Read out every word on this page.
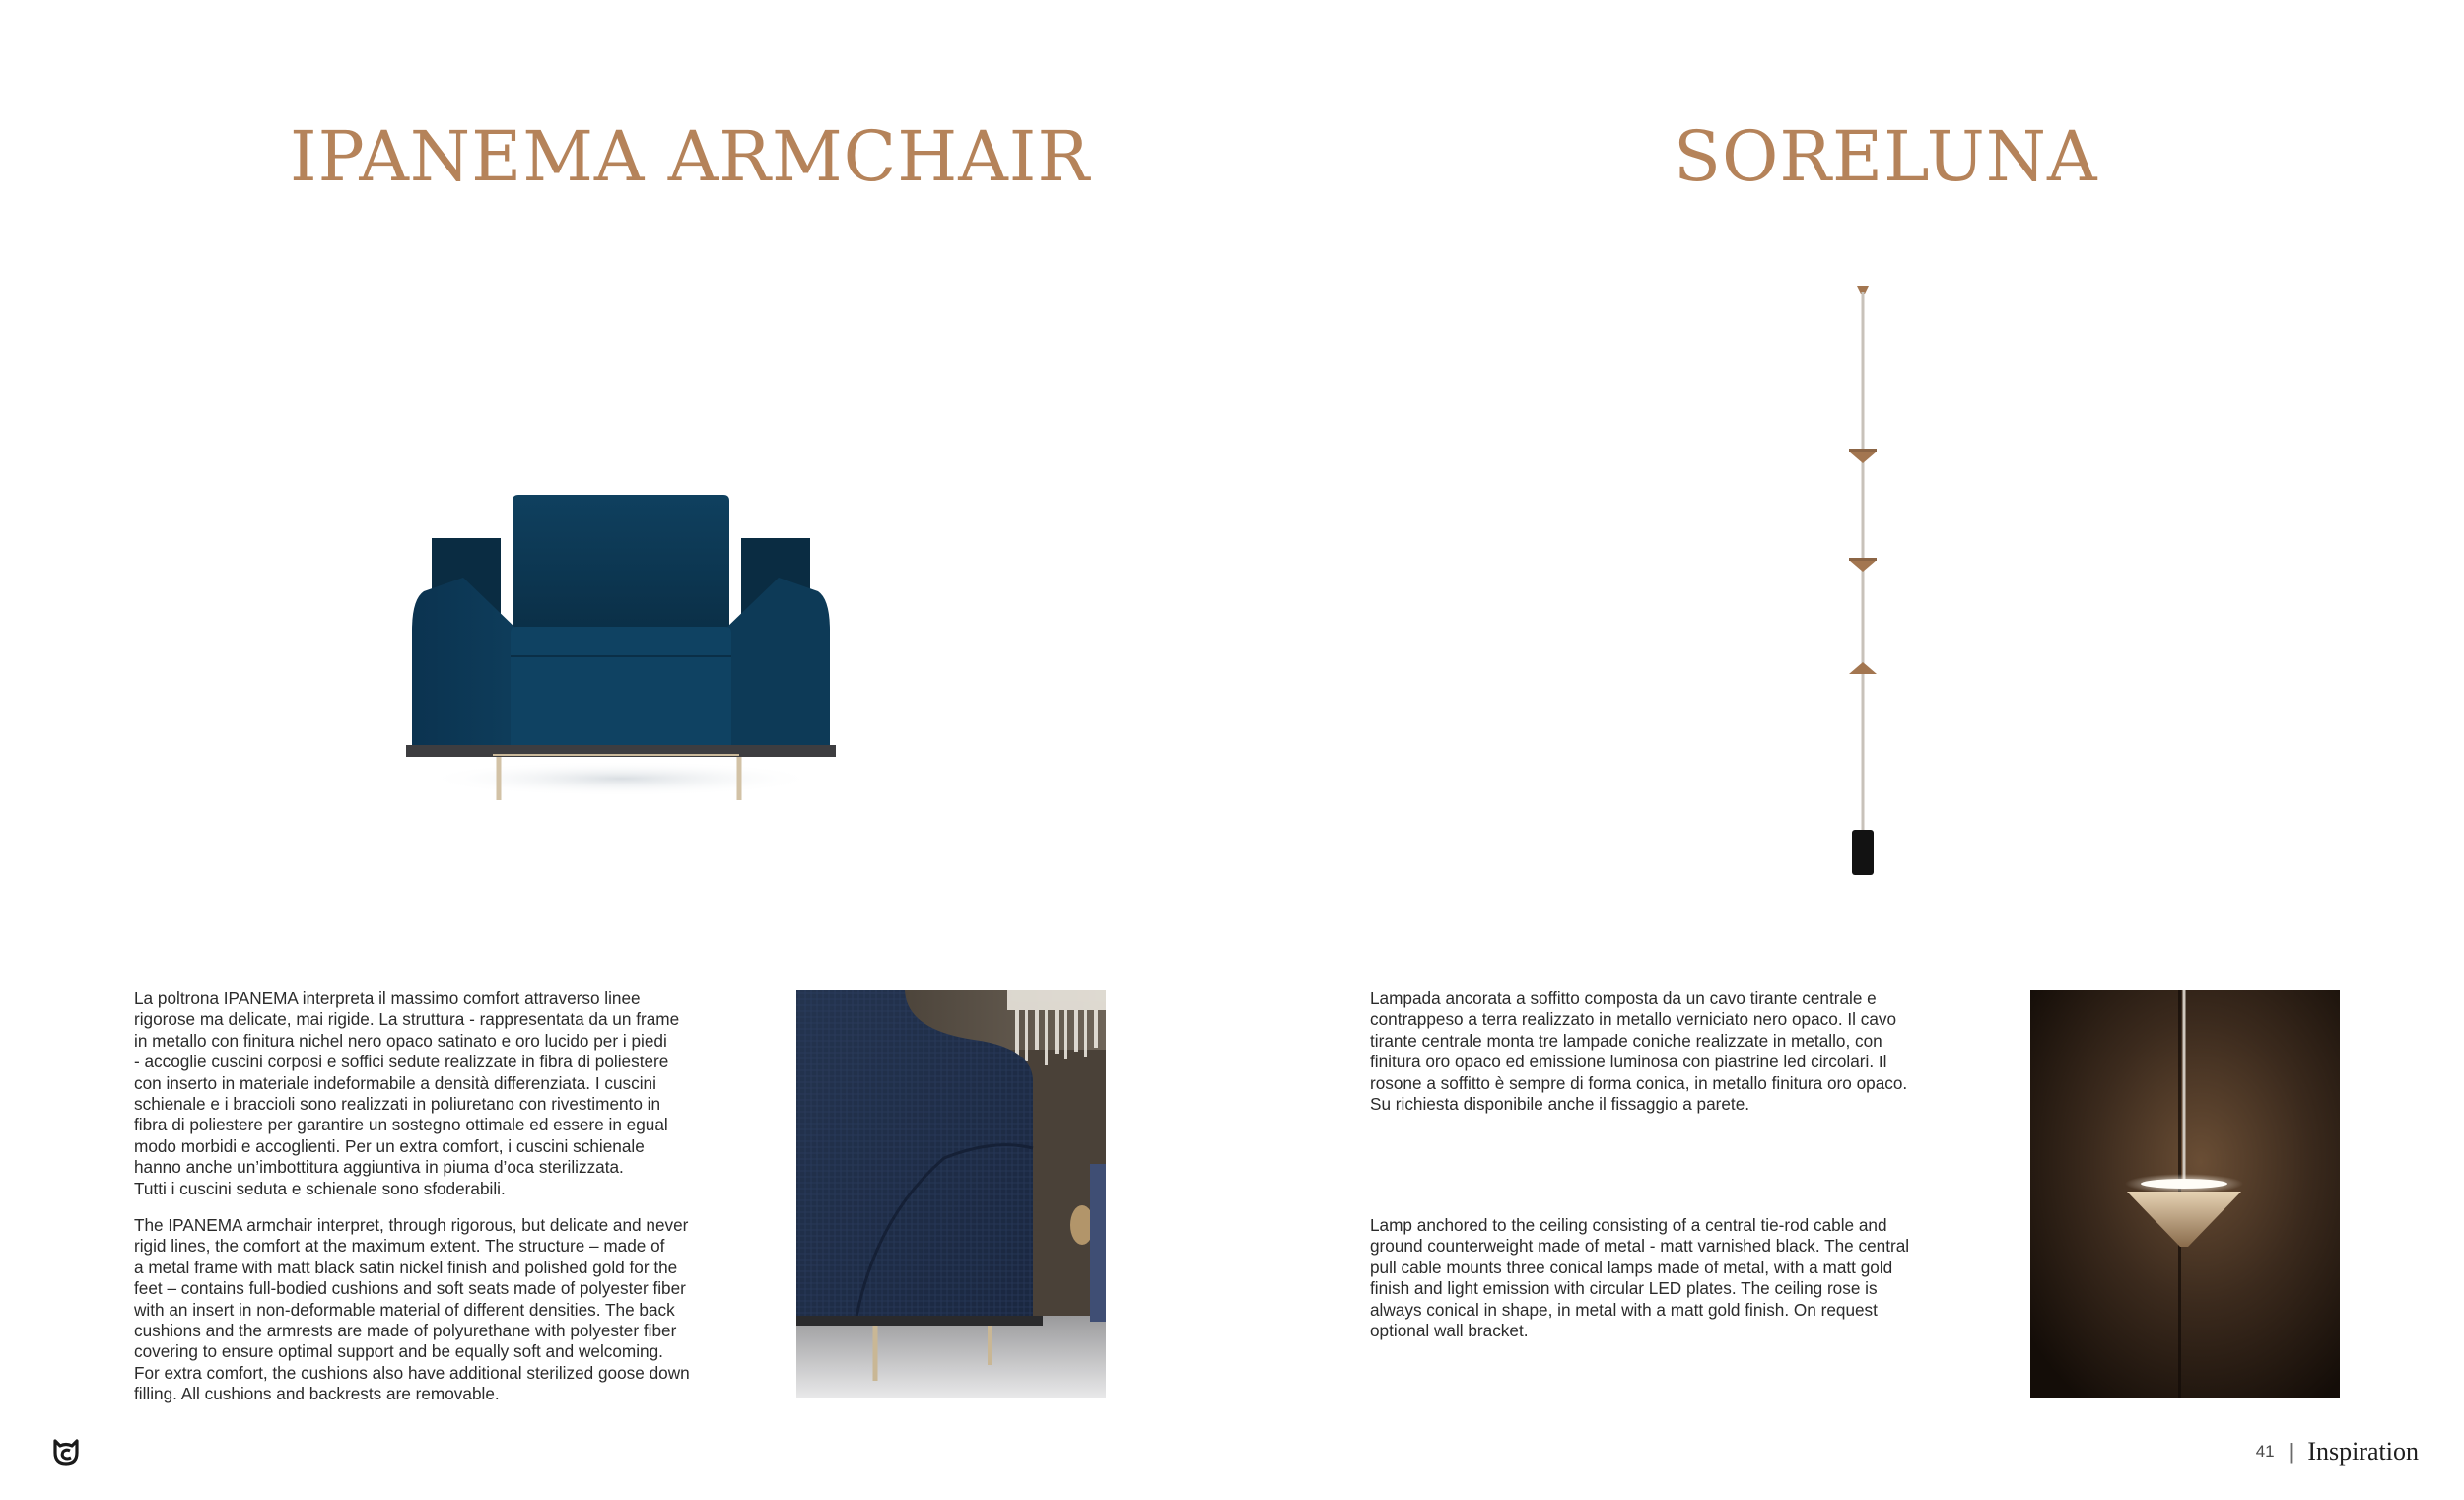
IPANEMA ARMCHAIR	SORELUNA

La poltrona IPANEMA interpreta il massimo comfort attraverso linee

rigorose ma delicate, mai rigide. La struttura - rappresentata da un frame

in metallo con finitura nichel nero opaco satinato e oro lucido per i piedi

- accoglie cuscini corposi e soffici sedute realizzate in fibra di poliestere

con inserto in materiale indeformabile a densità differenziata. I cuscini

schienale e i braccioli sono realizzati in poliuretano con rivestimento in

fibra di poliestere per garantire un sostegno ottimale ed essere in egual

modo morbidi e accoglienti. Per un extra comfort, i cuscini schienale

hanno anche un’imbottitura aggiuntiva in piuma d’oca sterilizzata.

Tutti i cuscini seduta e schienale sono sfoderabili.

The IPANEMA armchair interpret, through rigorous, but delicate and never

rigid lines, the comfort at the maximum extent. The structure – made of

a metal frame with matt black satin nickel finish and polished gold for the

feet – contains full-bodied cushions and soft seats made of polyester fiber

with an insert in non-deformable material of different densities. The back

cushions and the armrests are made of polyurethane with polyester fiber

covering to ensure optimal support and be equally soft and welcoming.

For extra comfort, the cushions also have additional sterilized goose down

filling. All cushions and backrests are removable.

Lampada ancorata a soffitto composta da un cavo tirante centrale e

contrappeso a terra realizzato in metallo verniciato nero opaco. Il cavo

tirante centrale monta tre lampade coniche realizzate in metallo, con

finitura oro opaco ed emissione luminosa con piastrine led circolari. Il

rosone a soffitto è sempre di forma conica, in metallo finitura oro opaco.

Su richiesta disponibile anche il fissaggio a parete.

Lamp anchored to the ceiling consisting of a central tie-rod cable and

ground counterweight made of metal - matt varnished black. The central

pull cable mounts three conical lamps made of metal, with a matt gold

finish and light emission with circular LED plates. The ceiling rose is

always conical in shape, in metal with a matt gold finish. On request

optional wall bracket.

41 | Inspiration
